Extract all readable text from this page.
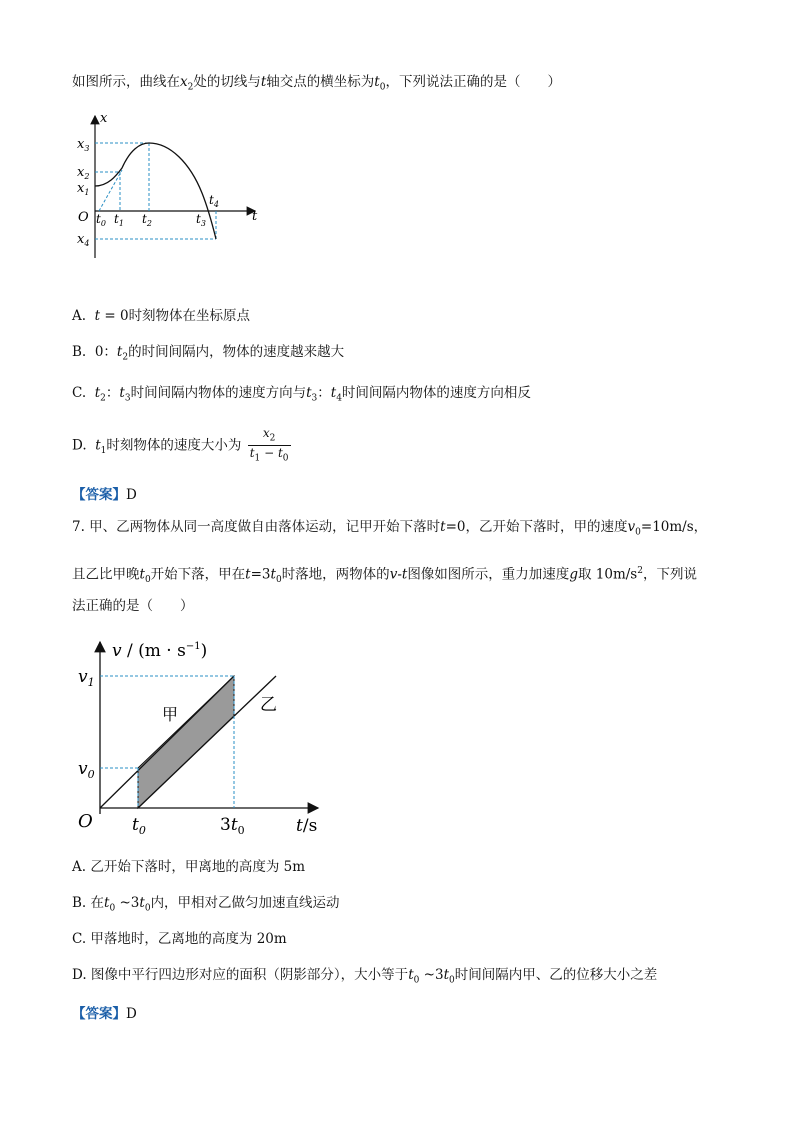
如图所示，曲线在$x_2$处的切线与t轴交点的横坐标为$t_0$，下列说法正确的是（　　）
x
t
O
$x_3$
$x_2$
$x_1$
$x_4$
$t_0$ $t_1$ $t_2$	$t_3$
$t_4$
A. t = 0时刻物体在坐标原点
B. 0：$t_2$的时间间隔内，物体的速度越来越大
C. $t_2$：$t_3$时间间隔内物体的速度方向与$t_3$：$t_4$时间间隔内物体的速度方向相反
D. $t_1$时刻物体的速度大小为 $\frac{x_2}{t_1 - t_0}$
【答案】D
7. 甲、乙两物体从同一高度做自由落体运动，记甲开始下落时t=0，乙开始下落时，甲的速度$v_0=10m/s$，
且乙比甲晚$t_0$开始下落，甲在$t=3t_0$时落地，两物体的v-t图像如图所示，重力加速度g取 $10m/s^2$，下列说
法正确的是（　　）
$v / (m \cdot s^{-1})$
$v_1$
$v_0$
O $t_0$	$3t_0$	t/s
甲	乙
A. 乙开始下落时，甲离地的高度为 5m
B. 在$t_0$ $\sim 3t_0$内，甲相对乙做匀加速直线运动
C. 甲落地时，乙离地的高度为 20m
D. 图像中平行四边形对应的面积（阴影部分），大小等于$t_0$ $\sim 3t_0$时间间隔内甲、乙的位移大小之差
【答案】D
